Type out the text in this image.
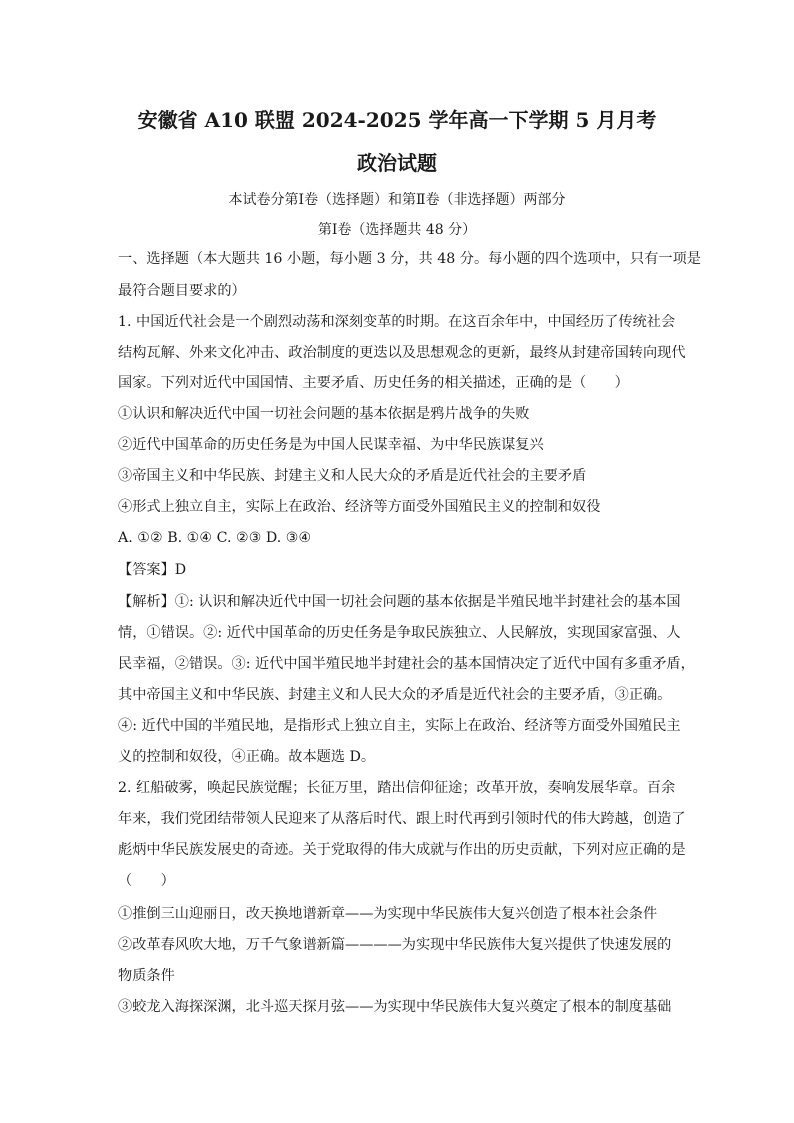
安徽省 A10 联盟 2024-2025 学年高一下学期 5 月月考
政治试题
本试卷分第Ⅰ卷（选择题）和第Ⅱ卷（非选择题）两部分
第Ⅰ卷（选择题共 48 分）
一、选择题（本大题共 16 小题，每小题 3 分，共 48 分。每小题的四个选项中，只有一项是
最符合题目要求的）
1. 中国近代社会是一个剧烈动荡和深刻变革的时期。在这百余年中，中国经历了传统社会
结构瓦解、外来文化冲击、政治制度的更迭以及思想观念的更新，最终从封建帝国转向现代
国家。下列对近代中国国情、主要矛盾、历史任务的相关描述，正确的是（　　）
①认识和解决近代中国一切社会问题的基本依据是鸦片战争的失败
②近代中国革命的历史任务是为中国人民谋幸福、为中华民族谋复兴
③帝国主义和中华民族、封建主义和人民大众的矛盾是近代社会的主要矛盾
④形式上独立自主，实际上在政治、经济等方面受外国殖民主义的控制和奴役
A. ①② B. ①④ C. ②③ D. ③④
【答案】D
【解析】①: 认识和解决近代中国一切社会问题的基本依据是半殖民地半封建社会的基本国
情，①错误。②: 近代中国革命的历史任务是争取民族独立、人民解放，实现国家富强、人
民幸福，②错误。③: 近代中国半殖民地半封建社会的基本国情决定了近代中国有多重矛盾，
其中帝国主义和中华民族、封建主义和人民大众的矛盾是近代社会的主要矛盾，③正确。
④: 近代中国的半殖民地，是指形式上独立自主，实际上在政治、经济等方面受外国殖民主
义的控制和奴役，④正确。故本题选 D。
2. 红船破雾，唤起民族觉醒；长征万里，踏出信仰征途；改革开放，奏响发展华章。百余
年来，我们党团结带领人民迎来了从落后时代、跟上时代再到引领时代的伟大跨越，创造了
彪炳中华民族发展史的奇迹。关于党取得的伟大成就与作出的历史贡献，下列对应正确的是
（　　）
①推倒三山迎丽日，改天换地谱新章——为实现中华民族伟大复兴创造了根本社会条件
②改革春风吹大地，万千气象谱新篇————为实现中华民族伟大复兴提供了快速发展的
物质条件
③蛟龙入海探深渊，北斗巡天探月弦——为实现中华民族伟大复兴奠定了根本的制度基础
